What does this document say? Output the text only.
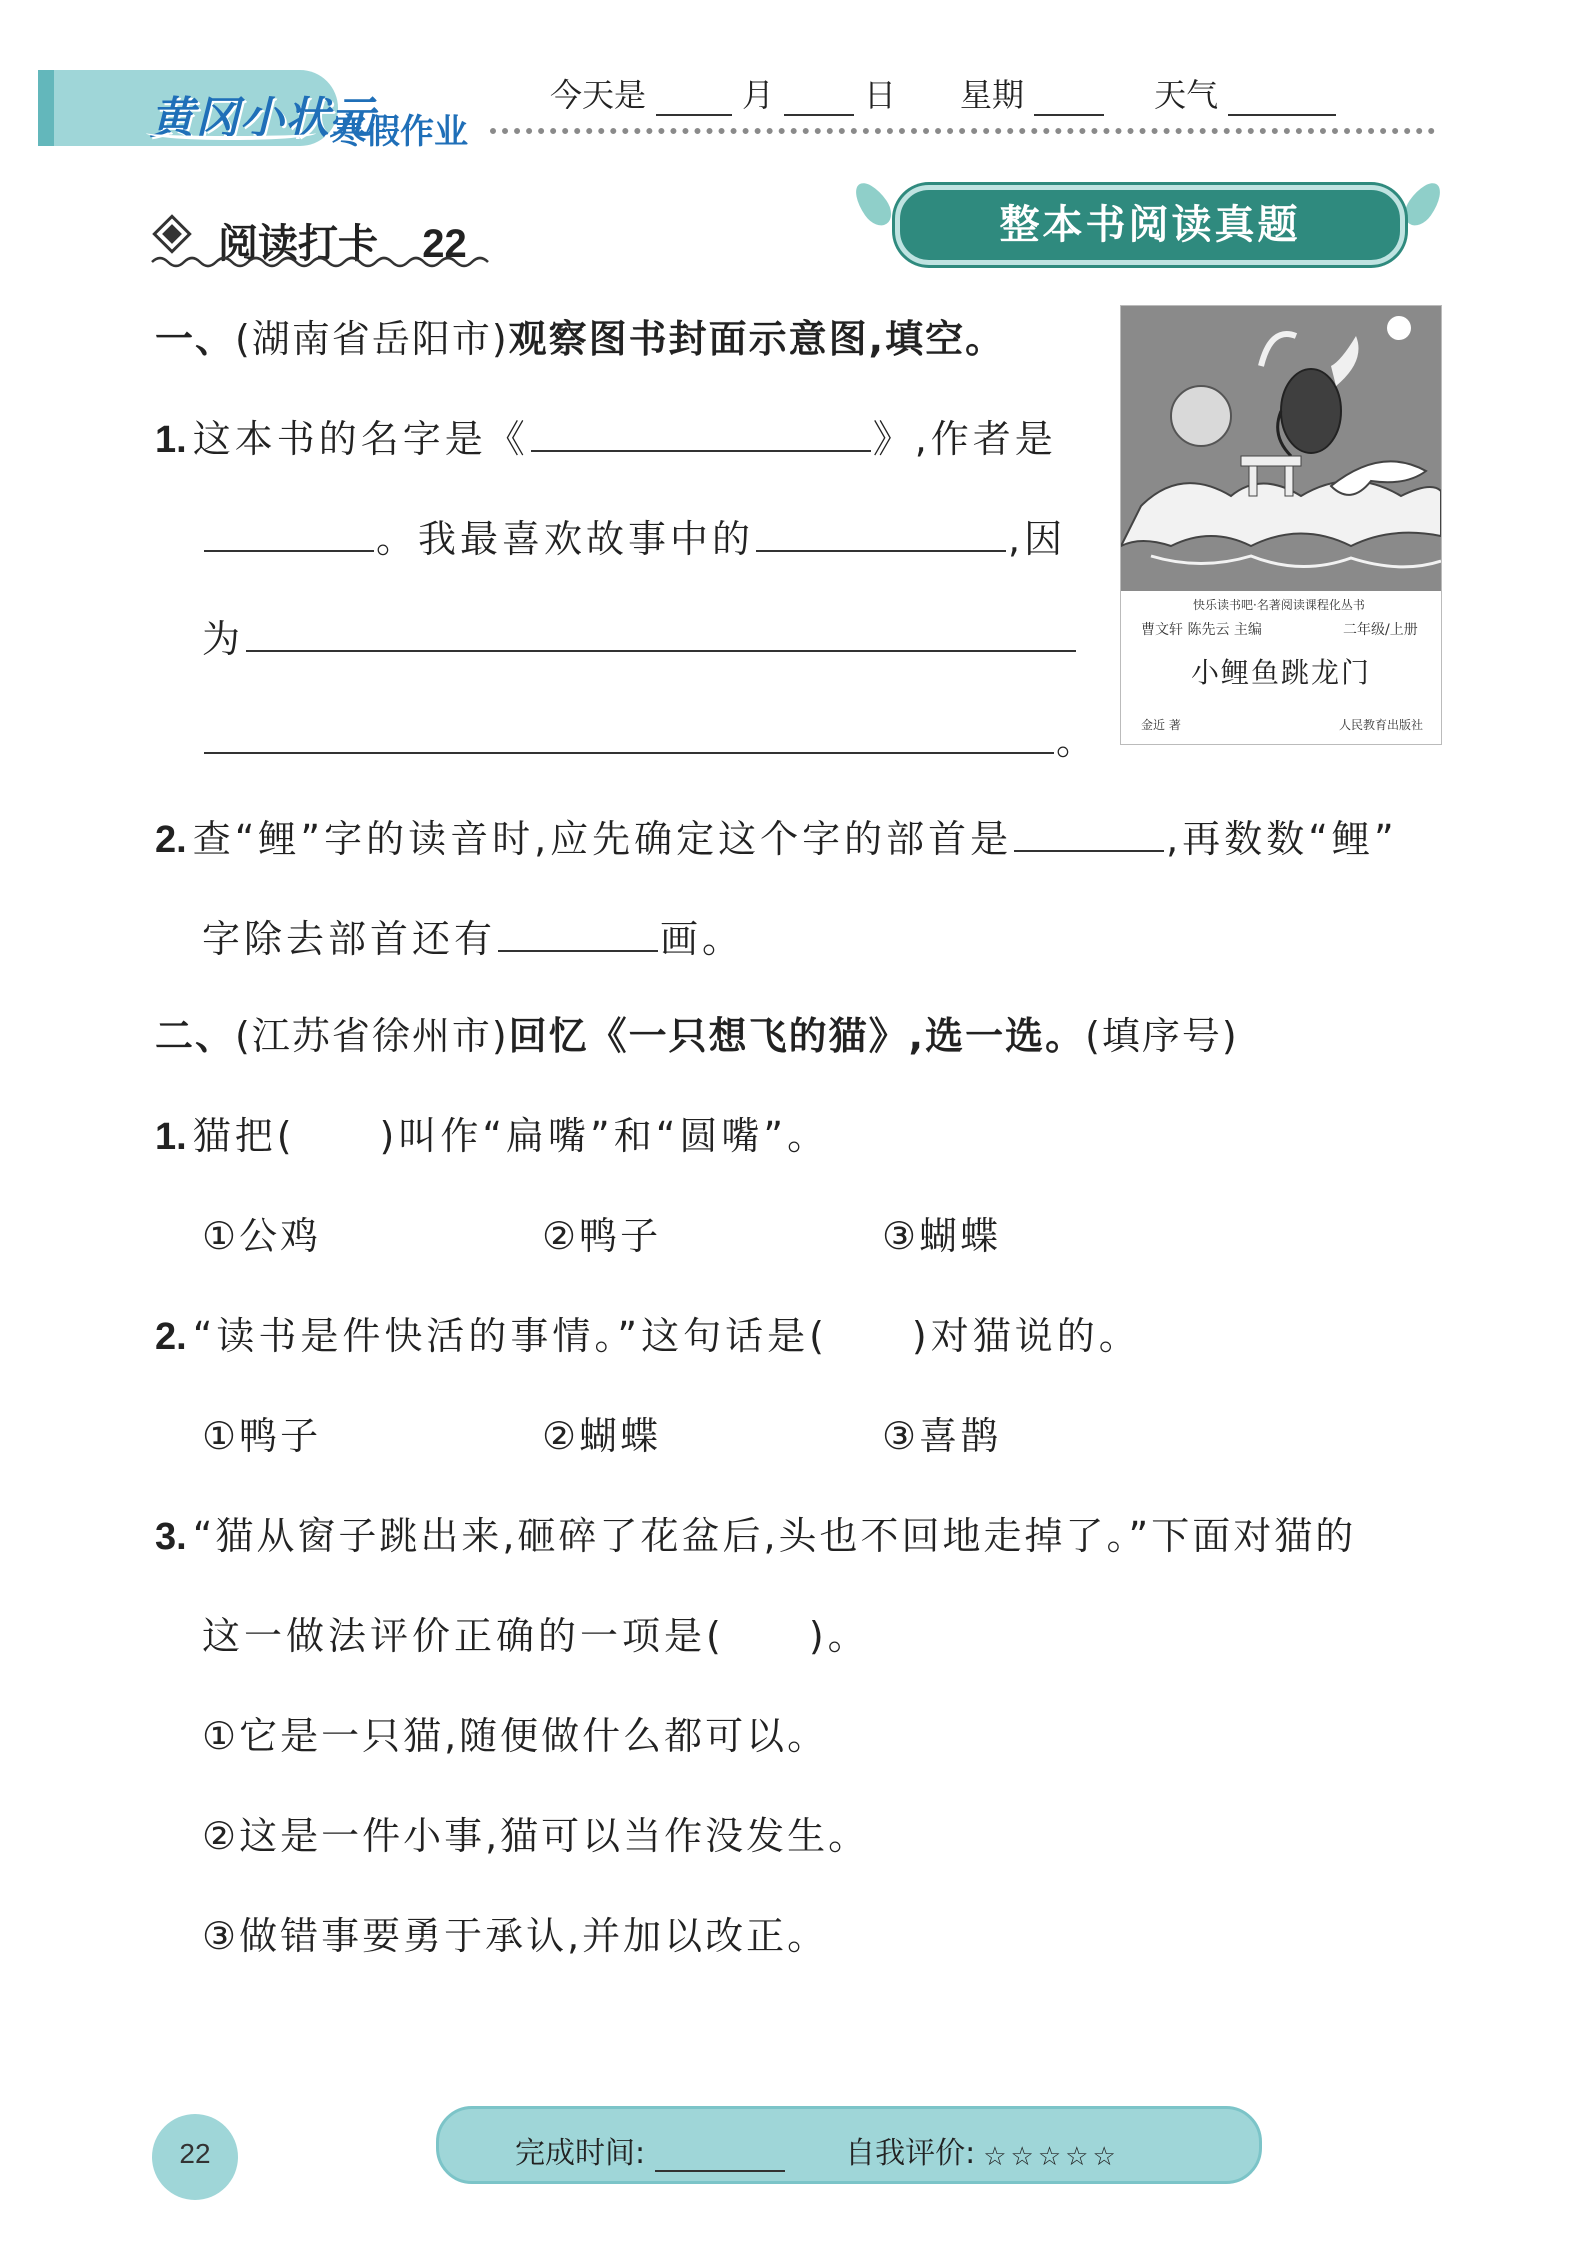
黄冈小状元
寒假作业
今天是	月	日 星期	天气
阅读打卡 22	整本书阅读真题
一、(湖南省岳阳市)观察图书封面示意图,填空。
1. 这本书的名字是《	》,作者是
。我最喜欢故事中的	,因
为
。
2. 查“鲤”字的读音时,应先确定这个字的部首是	,再数数“鲤”
字除去部首还有	画。
快乐读书吧·名著阅读课程化丛书
曹文轩 陈先云 主编	二年级/上册
小鲤鱼跳龙门
金近 著	人民教育出版社
二、(江苏省徐州市)回忆《一只想飞的猫》,选一选。(填序号)
1. 猫把(　　)叫作“扁嘴”和“圆嘴”。
①公鸡	②鸭子	③蝴蝶
2. “读书是件快活的事情。”这句话是(　　)对猫说的。
①鸭子	②蝴蝶	③喜鹊
3. “猫从窗子跳出来,砸碎了花盆后,头也不回地走掉了。”下面对猫的
这一做法评价正确的一项是(　　)。
①它是一只猫,随便做什么都可以。
②这是一件小事,猫可以当作没发生。
③做错事要勇于承认,并加以改正。
22	完成时间:	自我评价: ☆☆☆☆☆
